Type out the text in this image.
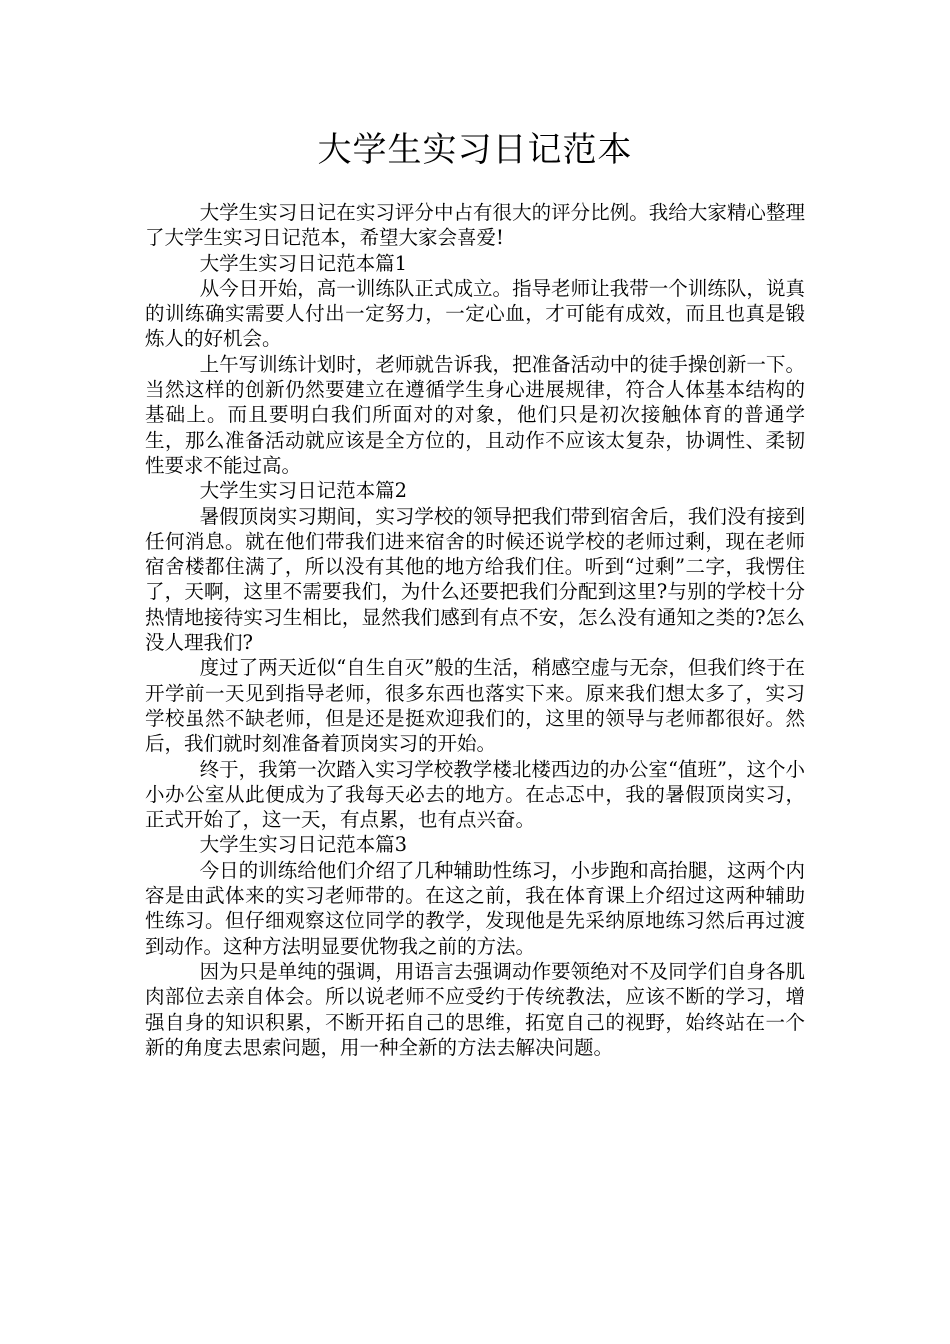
大学生实习日记范本

大学生实习日记在实习评分中占有很大的评分比例。我给大家精心整理了大学生实习日记范本，希望大家会喜爱!

大学生实习日记范本篇1

从今日开始，高一训练队正式成立。指导老师让我带一个训练队，说真的训练确实需要人付出一定努力，一定心血，才可能有成效，而且也真是锻炼人的好机会。

上午写训练计划时，老师就告诉我，把准备活动中的徒手操创新一下。当然这样的创新仍然要建立在遵循学生身心进展规律，符合人体基本结构的基础上。而且要明白我们所面对的对象，他们只是初次接触体育的普通学生，那么准备活动就应该是全方位的，且动作不应该太复杂，协调性、柔韧性要求不能过高。

大学生实习日记范本篇2

暑假顶岗实习期间，实习学校的领导把我们带到宿舍后，我们没有接到任何消息。就在他们带我们进来宿舍的时候还说学校的老师过剩，现在老师宿舍楼都住满了，所以没有其他的地方给我们住。听到“过剩”二字，我愣住了，天啊，这里不需要我们，为什么还要把我们分配到这里?与别的学校十分热情地接待实习生相比，显然我们感到有点不安，怎么没有通知之类的?怎么没人理我们?

度过了两天近似“自生自灭”般的生活，稍感空虚与无奈，但我们终于在开学前一天见到指导老师，很多东西也落实下来。原来我们想太多了，实习学校虽然不缺老师，但是还是挺欢迎我们的，这里的领导与老师都很好。然后，我们就时刻准备着顶岗实习的开始。

终于，我第一次踏入实习学校教学楼北楼西边的办公室“值班”，这个小小办公室从此便成为了我每天必去的地方。在忐忑中，我的暑假顶岗实习，正式开始了，这一天，有点累，也有点兴奋。

大学生实习日记范本篇3

今日的训练给他们介绍了几种辅助性练习，小步跑和高抬腿，这两个内容是由武体来的实习老师带的。在这之前，我在体育课上介绍过这两种辅助性练习。但仔细观察这位同学的教学，发现他是先采纳原地练习然后再过渡到动作。这种方法明显要优物我之前的方法。

因为只是单纯的强调，用语言去强调动作要领绝对不及同学们自身各肌肉部位去亲自体会。所以说老师不应受约于传统教法，应该不断的学习，增强自身的知识积累，不断开拓自己的思维，拓宽自己的视野，始终站在一个新的角度去思索问题，用一种全新的方法去解决问题。
